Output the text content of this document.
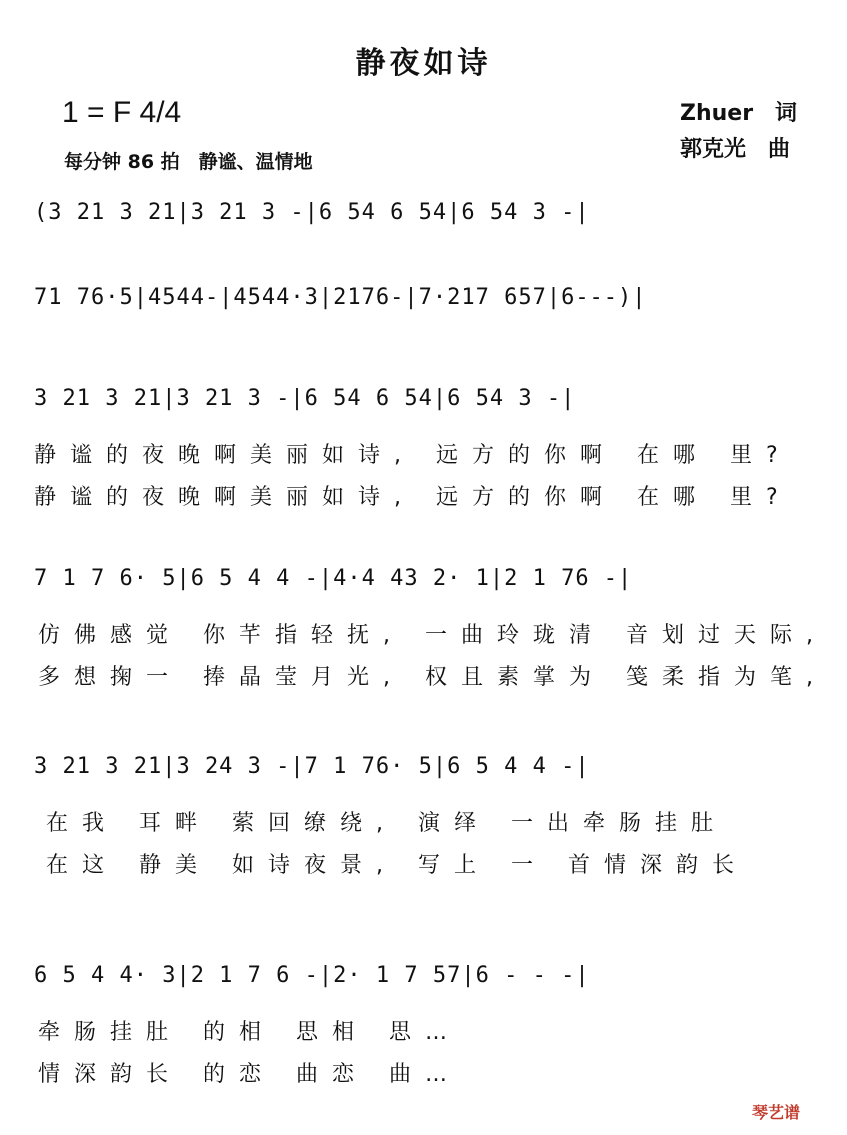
静夜如诗
1 = F 4/4
每分钟 86 拍　静谧、温情地
Zhuer　词
郭克光　曲
(3 21 3 21|3 21 3 -|6 54 6 54|6 54 3 -|
71 76·5|4544-|4544·3|2176-|7·217 657|6---)|
3 21 3 21|3 21 3 -|6 54 6 54|6 54 3 -|
静谧的夜晚啊美丽如诗, 远方的你啊 在哪 里?
静谧的夜晚啊美丽如诗, 远方的你啊 在哪 里?
7 1 7 6· 5|6 5 4 4 -|4·4 43 2· 1|2 1 76 -|
仿佛感觉 你芊指轻抚, 一曲玲珑清 音划过天际,
多想掬一 捧晶莹月光, 权且素掌为 笺柔指为笔,
3 21 3 21|3 24 3 -|7 1 76· 5|6 5 4 4 -|
在我 耳畔 萦回缭绕, 演绎 一出牵肠挂肚
在这 静美 如诗夜景, 写上 一 首情深韵长
6 5 4 4· 3|2 1 7 6 -|2· 1 7 57|6 - - -|
牵肠挂肚 的相 思相 思…
情深韵长 的恋 曲恋 曲…
琴艺谱
